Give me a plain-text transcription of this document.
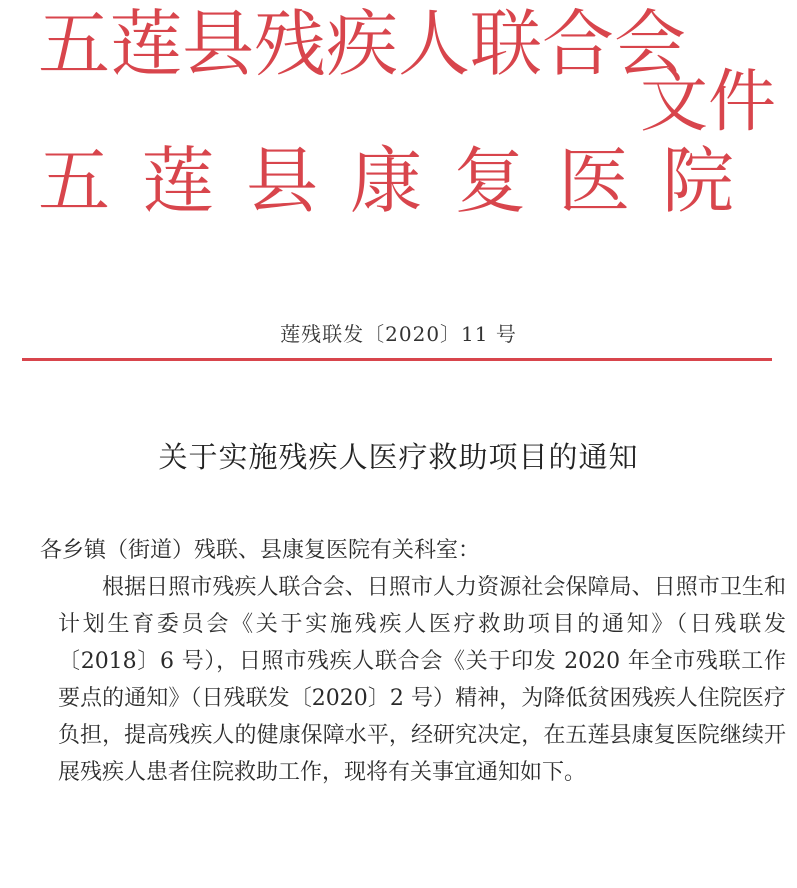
五莲县残疾人联合会
五莲县康复医院
文件
莲残联发〔2020〕11 号
关于实施残疾人医疗救助项目的通知

各乡镇（街道）残联、县康复医院有关科室：

根据日照市残疾人联合会、日照市人力资源社会保障局、日照市卫生和计划生育委员会《关于实施残疾人医疗救助项目的通知》（日残联发〔2018〕6 号），日照市残疾人联合会《关于印发 2020 年全市残联工作要点的通知》（日残联发〔2020〕2 号）精神，为降低贫困残疾人住院医疗负担，提高残疾人的健康保障水平，经研究决定，在五莲县康复医院继续开展残疾人患者住院救助工作，现将有关事宜通知如下。
